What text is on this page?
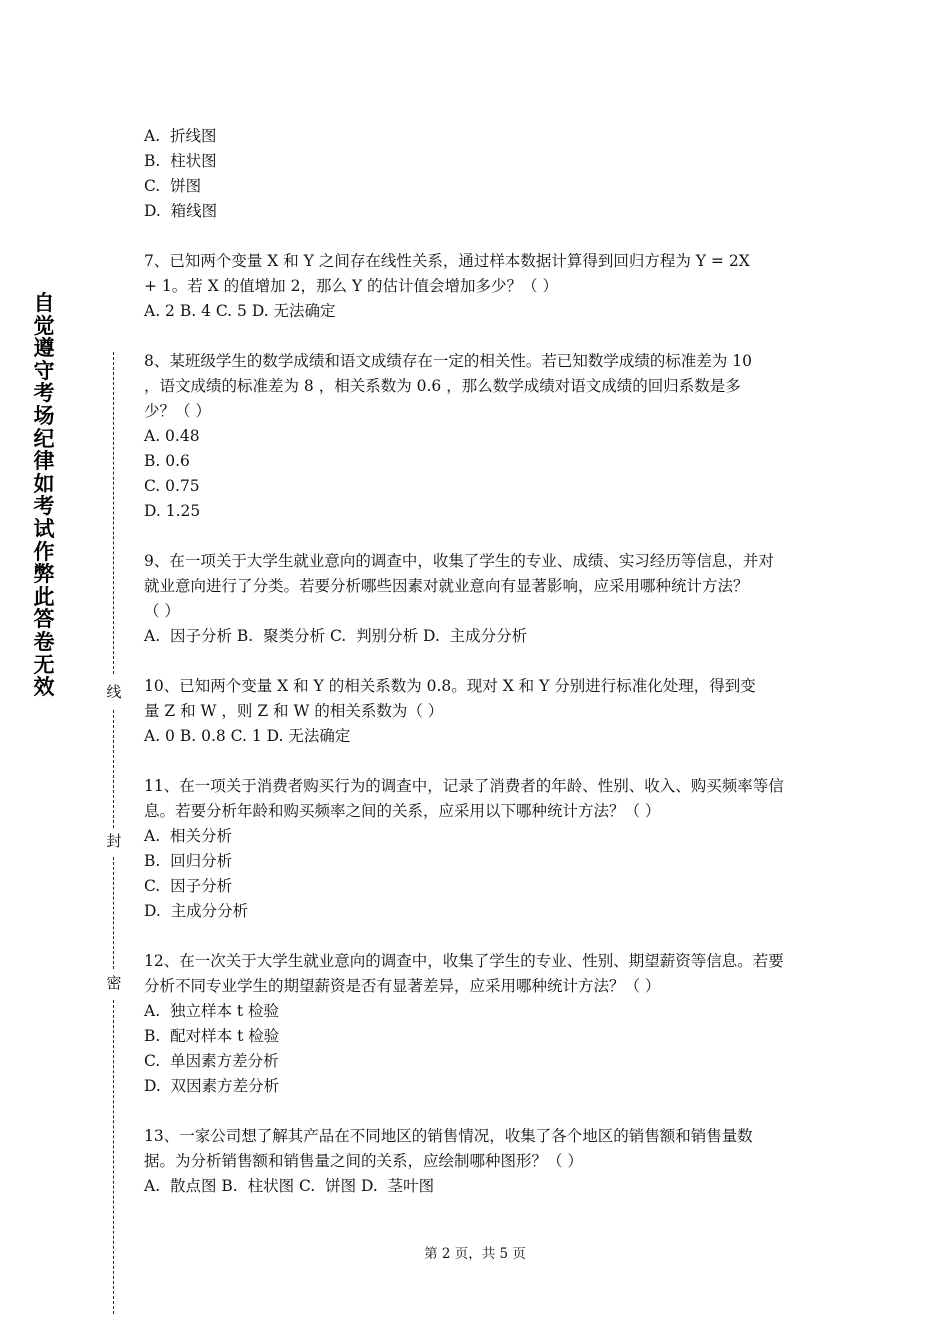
自觉遵守考场纪律如考试作弊此答卷无效	线
封
密
A.  折线图
B.  柱状图
C.  饼图
D.  箱线图
7、已知两个变量 X 和 Y 之间存在线性关系，通过样本数据计算得到回归方程为 Y = 2X
+ 1。若 X 的值增加 2，那么 Y 的估计值会增加多少？（ ）
A. 2 B. 4 C. 5 D. 无法确定
8、某班级学生的数学成绩和语文成绩存在一定的相关性。若已知数学成绩的标准差为 10
，语文成绩的标准差为 8 ，相关系数为 0.6 ，那么数学成绩对语文成绩的回归系数是多
少？（ ）
A. 0.48
B. 0.6
C. 0.75
D. 1.25
9、在一项关于大学生就业意向的调查中，收集了学生的专业、成绩、实习经历等信息，并对
就业意向进行了分类。若要分析哪些因素对就业意向有显著影响，应采用哪种统计方法？
（ ）
A.  因子分析 B.  聚类分析 C.  判别分析 D.  主成分分析
10、已知两个变量 X 和 Y 的相关系数为 0.8。现对 X 和 Y 分别进行标准化处理，得到变
量 Z 和 W ，则 Z 和 W 的相关系数为（ ）
A. 0 B. 0.8 C. 1 D. 无法确定
11、在一项关于消费者购买行为的调查中，记录了消费者的年龄、性别、收入、购买频率等信
息。若要分析年龄和购买频率之间的关系，应采用以下哪种统计方法？（ ）
A.  相关分析
B.  回归分析
C.  因子分析
D.  主成分分析
12、在一次关于大学生就业意向的调查中，收集了学生的专业、性别、期望薪资等信息。若要
分析不同专业学生的期望薪资是否有显著差异，应采用哪种统计方法？（ ）
A.  独立样本 t 检验
B.  配对样本 t 检验
C.  单因素方差分析
D.  双因素方差分析
13、一家公司想了解其产品在不同地区的销售情况，收集了各个地区的销售额和销售量数
据。为分析销售额和销售量之间的关系，应绘制哪种图形？（ ）
A.  散点图 B.  柱状图 C.  饼图 D.  茎叶图
第 2 页，共 5 页
